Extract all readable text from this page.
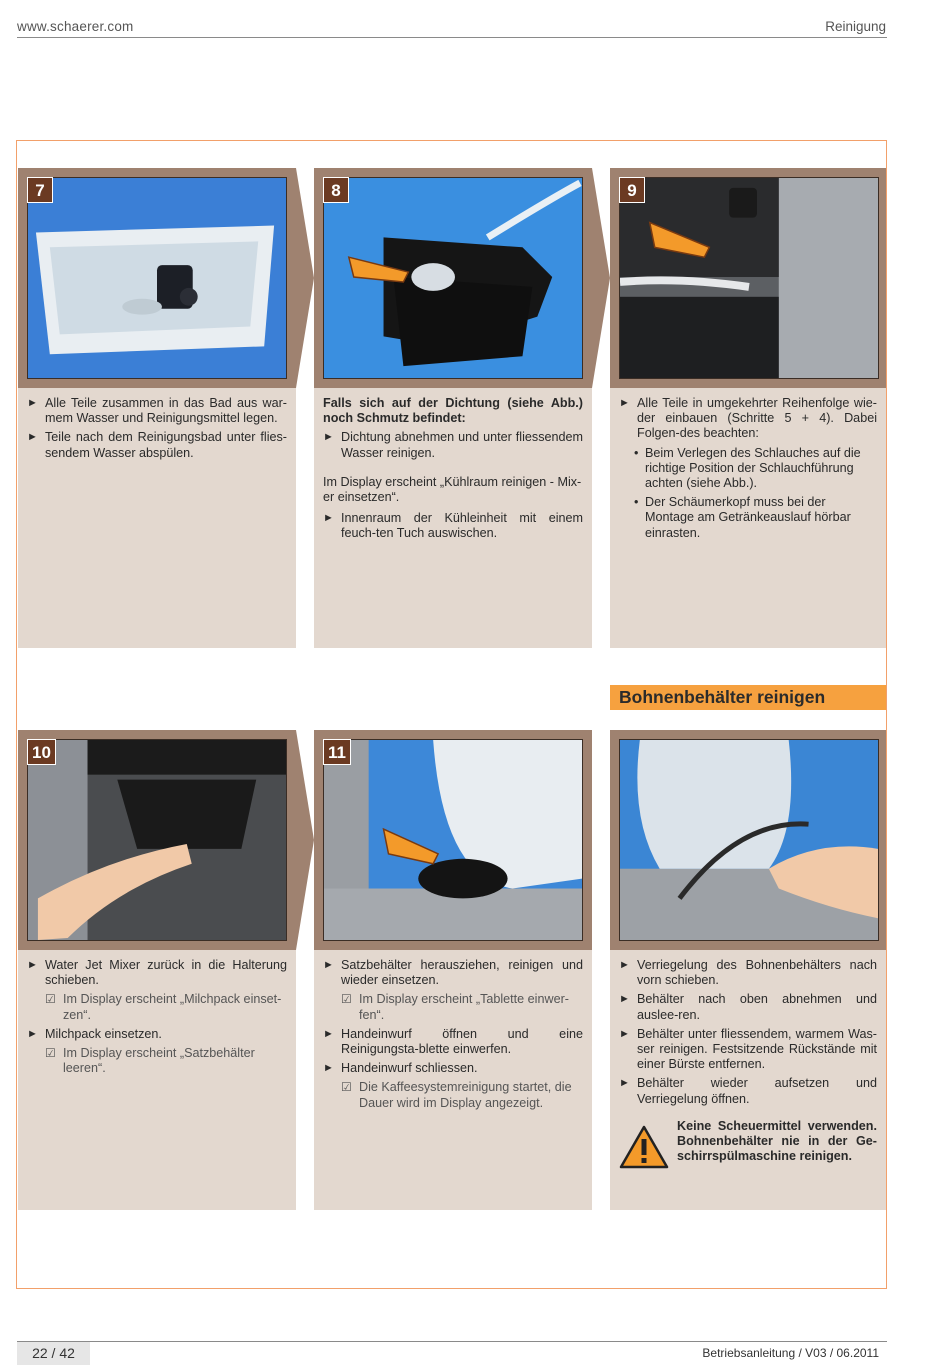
www.schaerer.com	Reinigung
7
► Alle Teile zusammen in das Bad aus war-mem Wasser und Reinigungsmittel legen.
► Teile nach dem Reinigungsbad unter flies-sendem Wasser abspülen.
8
Falls sich auf der Dichtung (siehe Abb.) noch Schmutz befindet:
► Dichtung abnehmen und unter fliessendem Wasser reinigen.
Im Display erscheint „Kühlraum reinigen - Mix-er einsetzen“.
► Innenraum der Kühleinheit mit einem feuch-ten Tuch auswischen.
9
► Alle Teile in umgekehrter Reihenfolge wie-der einbauen (Schritte 5 + 4). Dabei Folgen-des beachten:
• Beim Verlegen des Schlauches auf die richtige Position der Schlauchführung achten (siehe Abb.).
• Der Schäumerkopf muss bei der Montage am Getränkeauslauf hörbar einrasten.
Bohnenbehälter reinigen
10
► Water Jet Mixer zurück in die Halterung schieben.
☑ Im Display erscheint „Milchpack einset-zen“.
► Milchpack einsetzen.
☑ Im Display erscheint „Satzbehälter leeren“.
11
► Satzbehälter herausziehen, reinigen und wieder einsetzen.
☑ Im Display erscheint „Tablette einwer-fen“.
► Handeinwurf öffnen und eine Reinigungsta-blette einwerfen.
► Handeinwurf schliessen.
☑ Die Kaffeesystemreinigung startet, die Dauer wird im Display angezeigt.
► Verriegelung des Bohnenbehälters nach vorn schieben.
► Behälter nach oben abnehmen und auslee-ren.
► Behälter unter fliessendem, warmem Was-ser reinigen. Festsitzende Rückstände mit einer Bürste entfernen.
► Behälter wieder aufsetzen und Verriegelung öffnen.
Keine Scheuermittel verwenden. Bohnenbehälter nie in der Ge-schirrspülmaschine reinigen.
22 / 42	Betriebsanleitung / V03 / 06.2011
